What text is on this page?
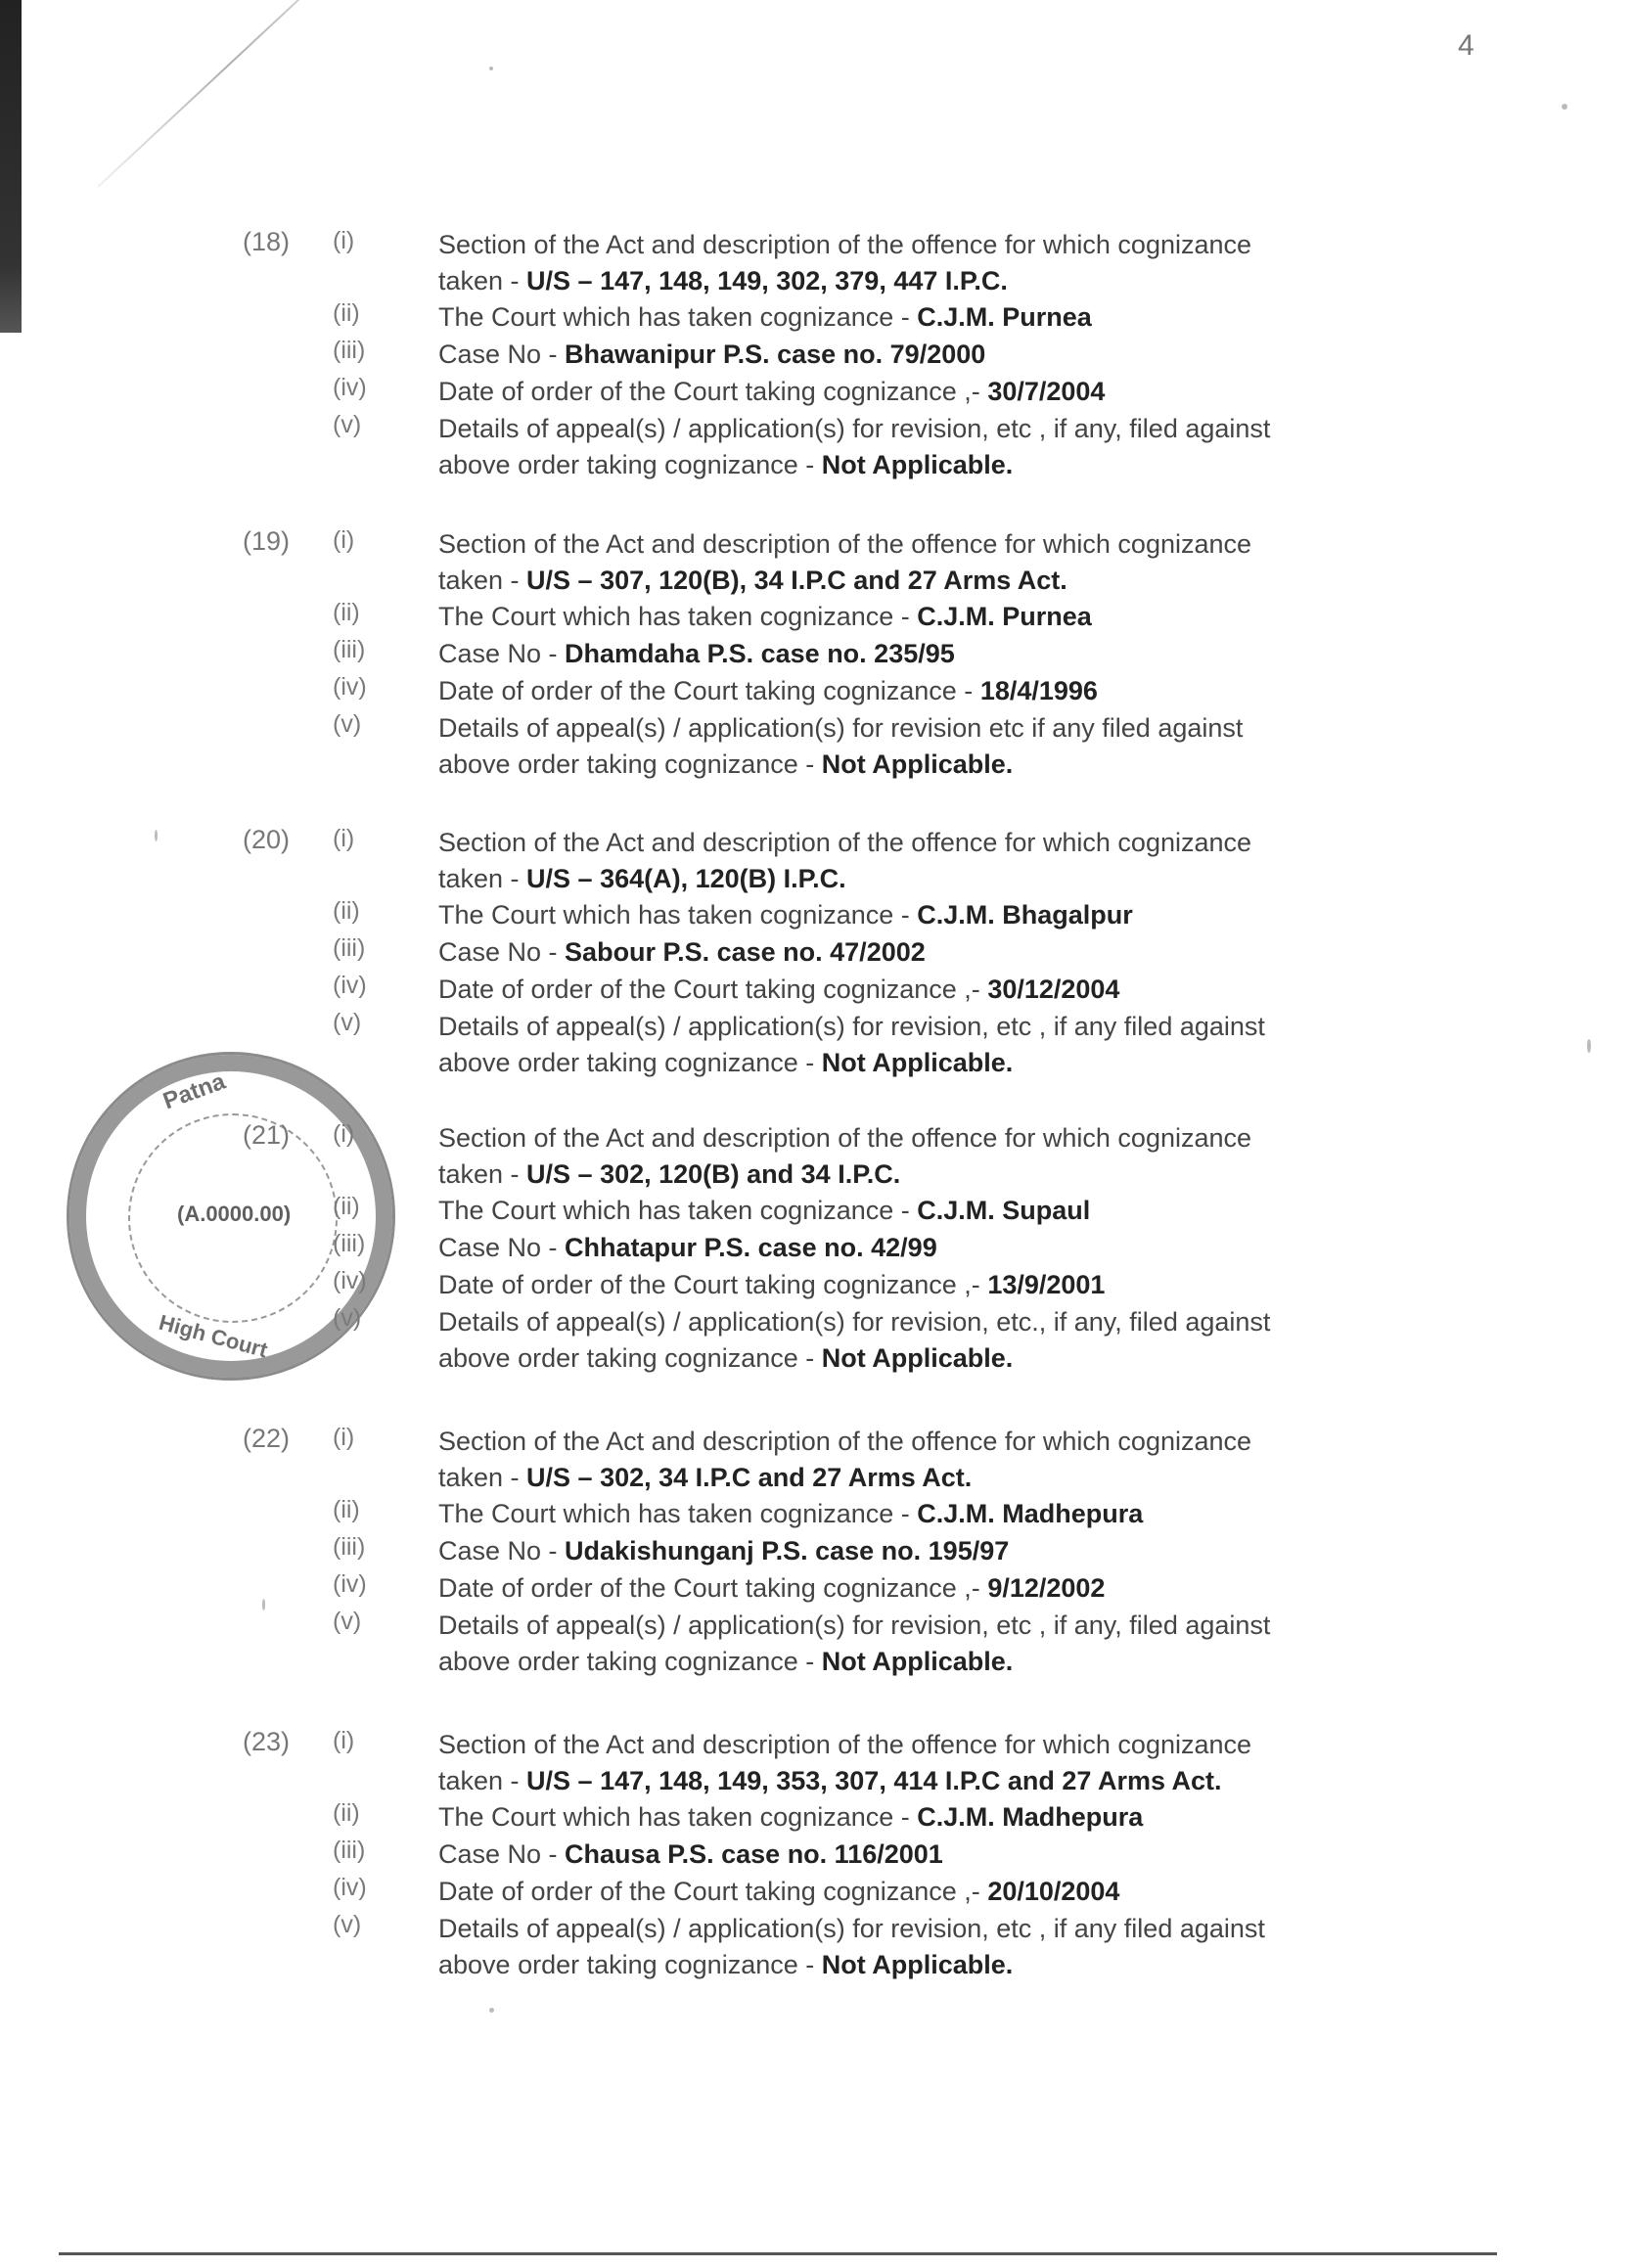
4
Patna
(A.0000.00)
High Court
(18) (i)	Section of the Act and description of the offence for which cognizance
taken - U/S – 147, 148, 149, 302, 379, 447 I.P.C.
(ii)	The Court which has taken cognizance - C.J.M. Purnea
(iii)	Case No - Bhawanipur P.S. case no. 79/2000
(iv)	Date of order of the Court taking cognizance ,- 30/7/2004
(v)	Details of appeal(s) / application(s) for revision, etc , if any, filed against
above order taking cognizance - Not Applicable.
(19) (i)	Section of the Act and description of the offence for which cognizance
taken - U/S – 307, 120(B), 34 I.P.C and 27 Arms Act.
(ii)	The Court which has taken cognizance - C.J.M. Purnea
(iii)	Case No - Dhamdaha P.S. case no. 235/95
(iv)	Date of order of the Court taking cognizance - 18/4/1996
(v)	Details of appeal(s) / application(s) for revision etc if any filed against
above order taking cognizance - Not Applicable.
(20) (i)	Section of the Act and description of the offence for which cognizance
taken - U/S – 364(A), 120(B) I.P.C.
(ii)	The Court which has taken cognizance - C.J.M. Bhagalpur
(iii)	Case No - Sabour P.S. case no. 47/2002
(iv)	Date of order of the Court taking cognizance ,- 30/12/2004
(v)	Details of appeal(s) / application(s) for revision, etc , if any filed against
above order taking cognizance - Not Applicable.
(21) (i)	Section of the Act and description of the offence for which cognizance
taken - U/S – 302, 120(B) and 34 I.P.C.
(ii)	The Court which has taken cognizance - C.J.M. Supaul
(iii)	Case No - Chhatapur P.S. case no. 42/99
(iv)	Date of order of the Court taking cognizance ,- 13/9/2001
(v)	Details of appeal(s) / application(s) for revision, etc., if any, filed against
above order taking cognizance - Not Applicable.
(22) (i)	Section of the Act and description of the offence for which cognizance
taken - U/S – 302, 34 I.P.C and 27 Arms Act.
(ii)	The Court which has taken cognizance - C.J.M. Madhepura
(iii)	Case No - Udakishunganj P.S. case no. 195/97
(iv)	Date of order of the Court taking cognizance ,- 9/12/2002
(v)	Details of appeal(s) / application(s) for revision, etc , if any, filed against
above order taking cognizance - Not Applicable.
(23) (i)	Section of the Act and description of the offence for which cognizance
taken - U/S – 147, 148, 149, 353, 307, 414 I.P.C and 27 Arms Act.
(ii)	The Court which has taken cognizance - C.J.M. Madhepura
(iii)	Case No - Chausa P.S. case no. 116/2001
(iv)	Date of order of the Court taking cognizance ,- 20/10/2004
(v)	Details of appeal(s) / application(s) for revision, etc , if any filed against
above order taking cognizance - Not Applicable.
